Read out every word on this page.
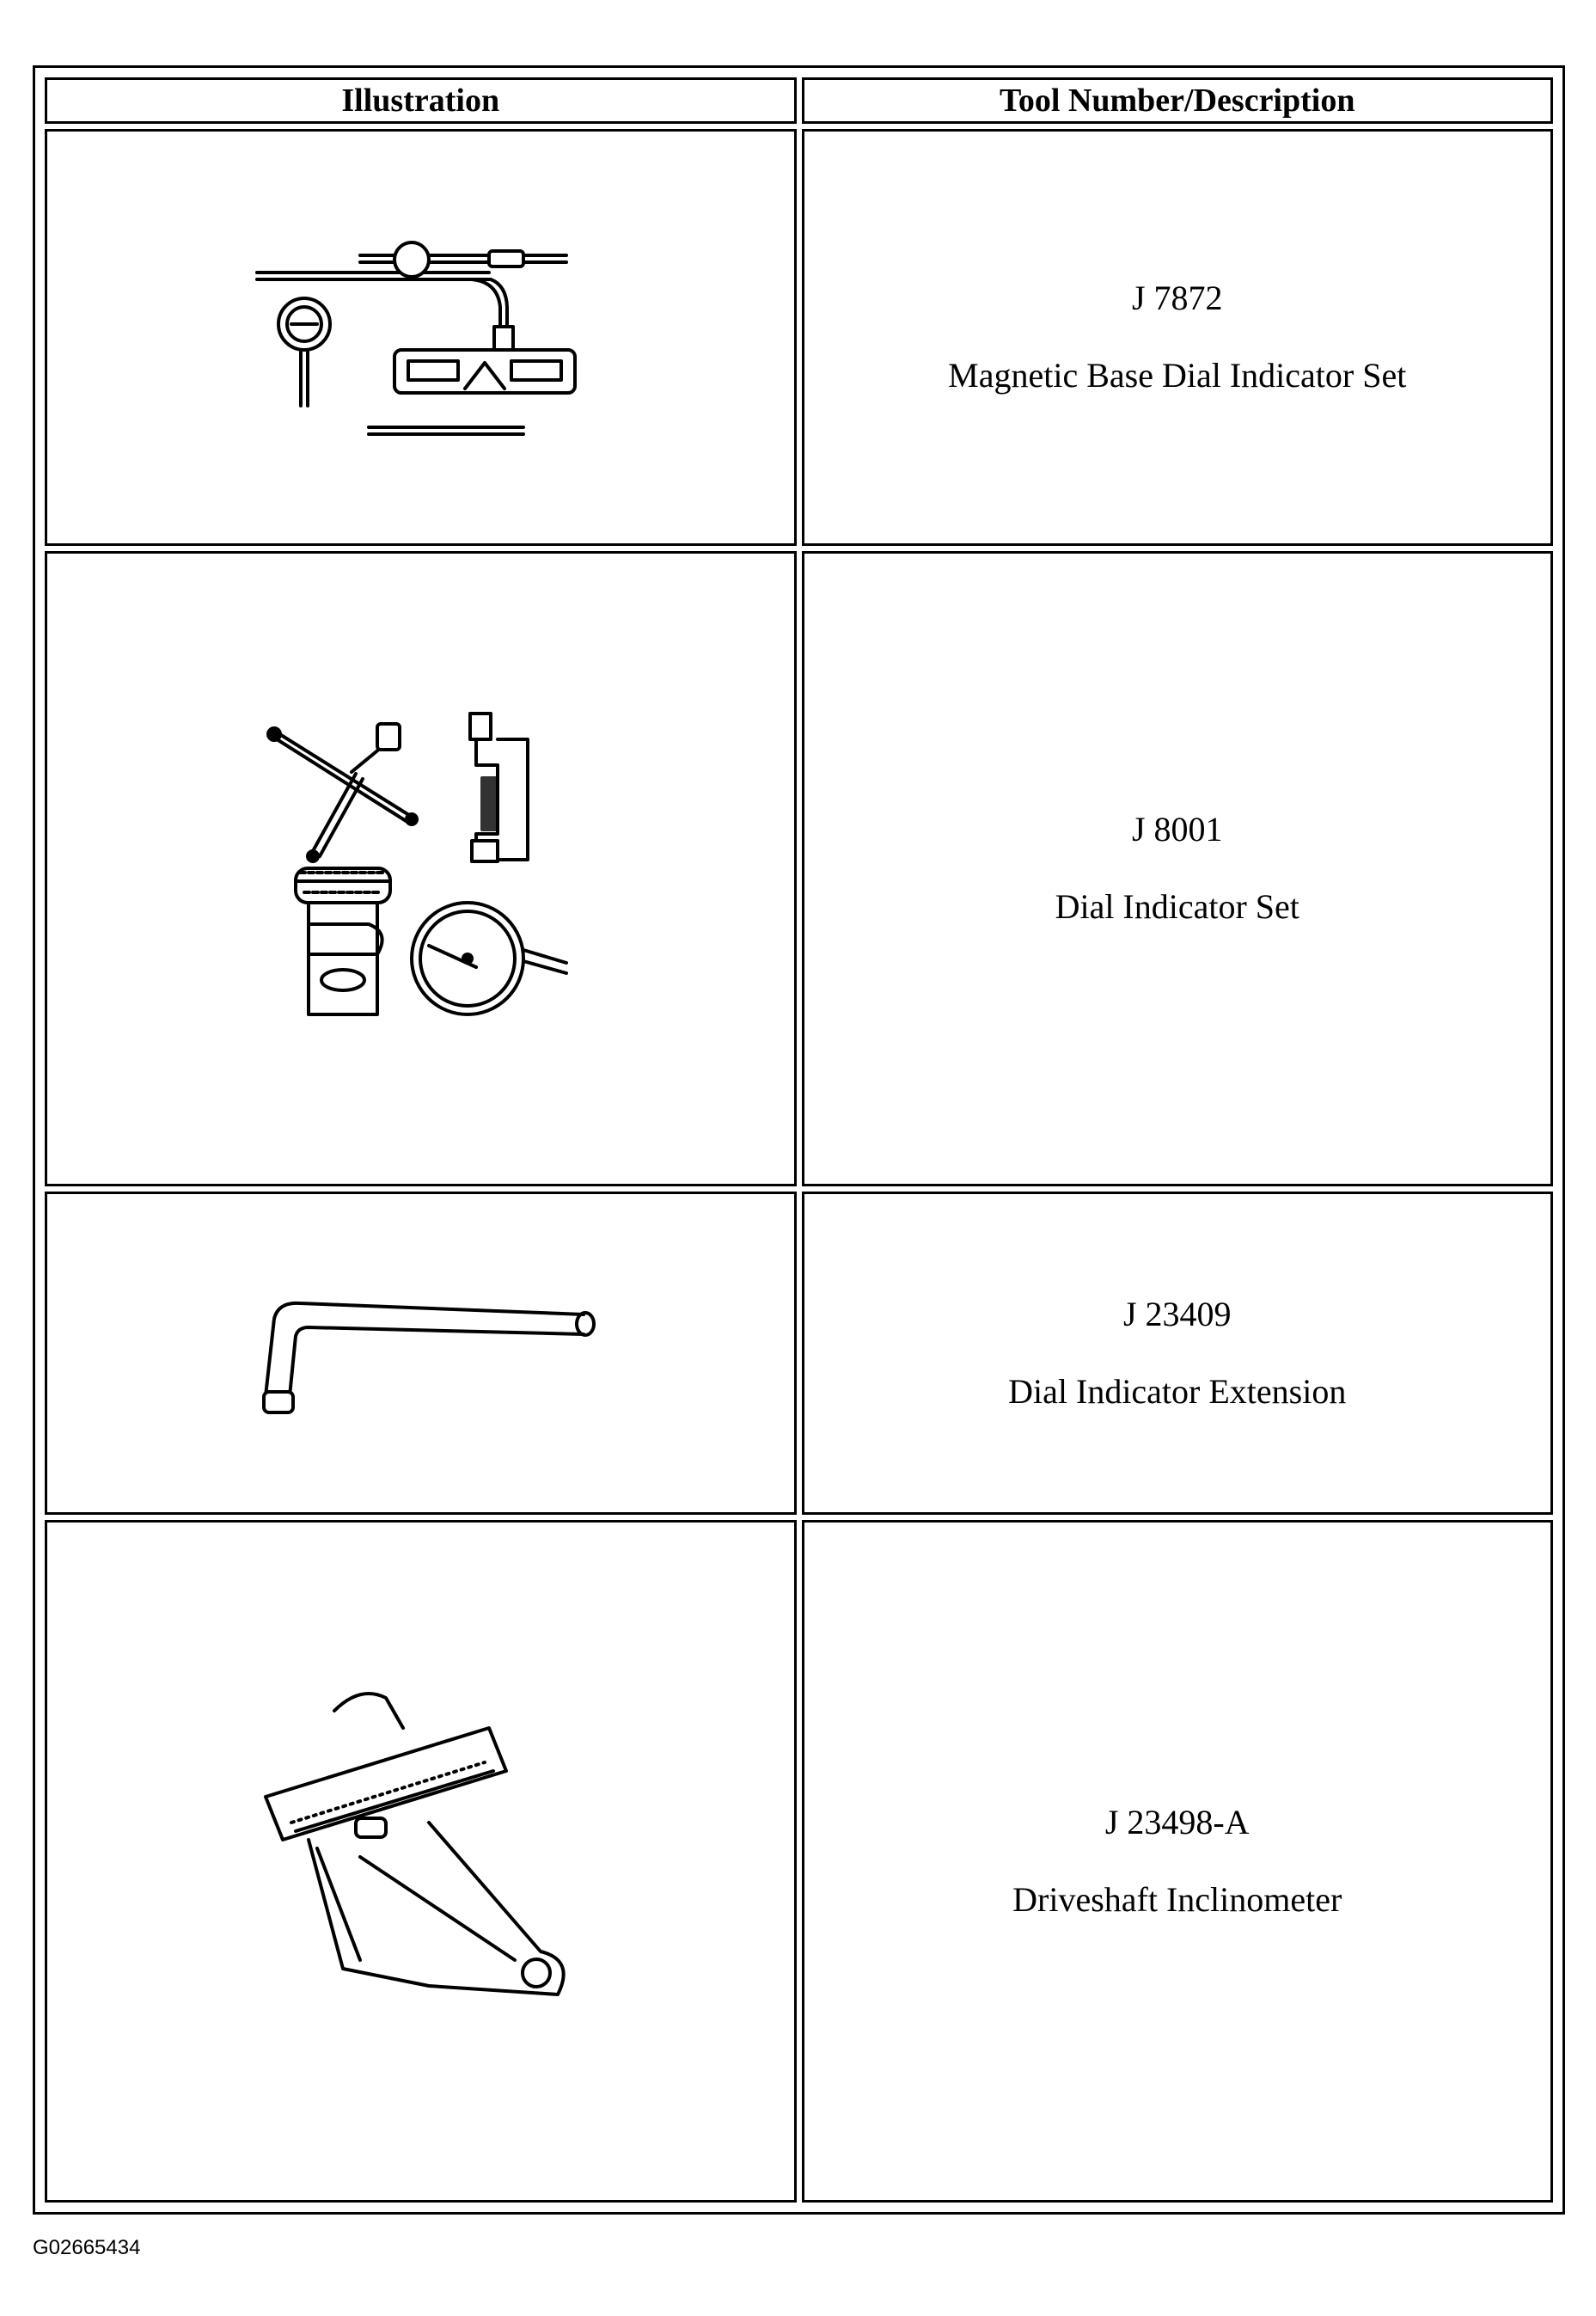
Illustration	Tool Number/Description

J 7872
Magnetic Base Dial Indicator Set

J 8001
Dial Indicator Set

J 23409
Dial Indicator Extension

J 23498-A
Driveshaft Inclinometer
G02665434
